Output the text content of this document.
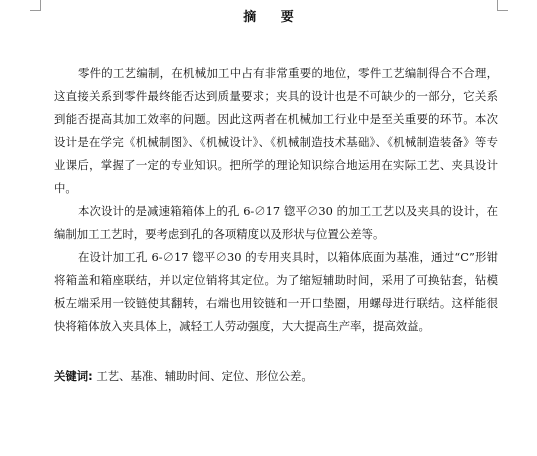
摘 要

零件的工艺编制，在机械加工中占有非常重要的地位，零件工艺编制得合不合理，这直接关系到零件最终能否达到质量要求；夹具的设计也是不可缺少的一部分，它关系到能否提高其加工效率的问题。因此这两者在机械加工行业中是至关重要的环节。本次设计是在学完《机械制图》、《机械设计》、《机械制造技术基础》、《机械制造装备》等专业课后，掌握了一定的专业知识。把所学的理论知识综合地运用在实际工艺、夹具设计中。

本次设计的是减速箱箱体上的孔 6-∅17 锪平∅30 的加工工艺以及夹具的设计，在编制加工工艺时，要考虑到孔的各项精度以及形状与位置公差等。

在设计加工孔 6-∅17 锪平∅30 的专用夹具时，以箱体底面为基准，通过“C”形钳将箱盖和箱座联结，并以定位销将其定位。为了缩短辅助时间，采用了可换钻套，钻模板左端采用一铰链使其翻转，右端也用铰链和一开口垫圈，用螺母进行联结。这样能很快将箱体放入夹具体上，减轻工人劳动强度，大大提高生产率，提高效益。

关键词: 工艺、基准、辅助时间、定位、形位公差。
